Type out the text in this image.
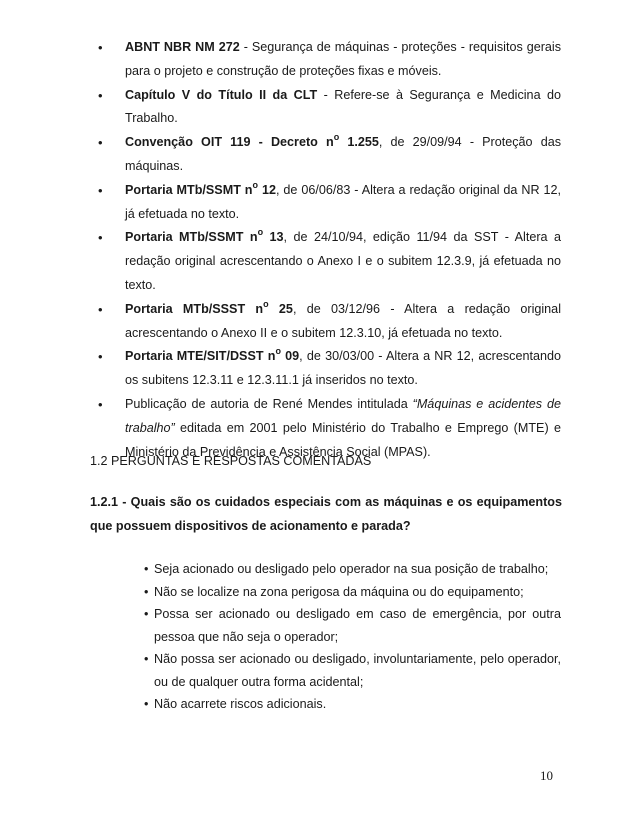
• ABNT NBR NM 272 - Segurança de máquinas - proteções - requisitos gerais para o projeto e construção de proteções fixas e móveis.
• Capítulo V do Título II da CLT - Refere-se à Segurança e Medicina do Trabalho.
• Convenção OIT 119 - Decreto $n^o$ 1.255, de 29/09/94 - Proteção das máquinas.
• Portaria MTb/SSMT $n^o$ 12, de 06/06/83 - Altera a redação original da NR 12, já efetuada no texto.
• Portaria MTb/SSMT $n^o$ 13, de 24/10/94, edição 11/94 da SST - Altera a redação original acrescentando o Anexo I e o subitem 12.3.9, já efetuada no texto.
• Portaria MTb/SSST $n^o$ 25, de 03/12/96 - Altera a redação original acrescentando o Anexo II e o subitem 12.3.10, já efetuada no texto.
• Portaria MTE/SIT/DSST $n^o$ 09, de 30/03/00 - Altera a NR 12, acrescentando os subitens 12.3.11 e 12.3.11.1 já inseridos no texto.
• Publicação de autoria de René Mendes intitulada “Máquinas e acidentes de trabalho” editada em 2001 pelo Ministério do Trabalho e Emprego (MTE) e Ministério da Previdência e Assistência Social (MPAS).
1.2 PERGUNTAS E RESPOSTAS COMENTADAS
1.2.1 - Quais são os cuidados especiais com as máquinas e os equipamentos que possuem dispositivos de acionamento e parada?
• Seja acionado ou desligado pelo operador na sua posição de trabalho;
• Não se localize na zona perigosa da máquina ou do equipamento;
• Possa ser acionado ou desligado em caso de emergência, por outra pessoa que não seja o operador;
• Não possa ser acionado ou desligado, involuntariamente, pelo operador, ou de qualquer outra forma acidental;
• Não acarrete riscos adicionais.
10
